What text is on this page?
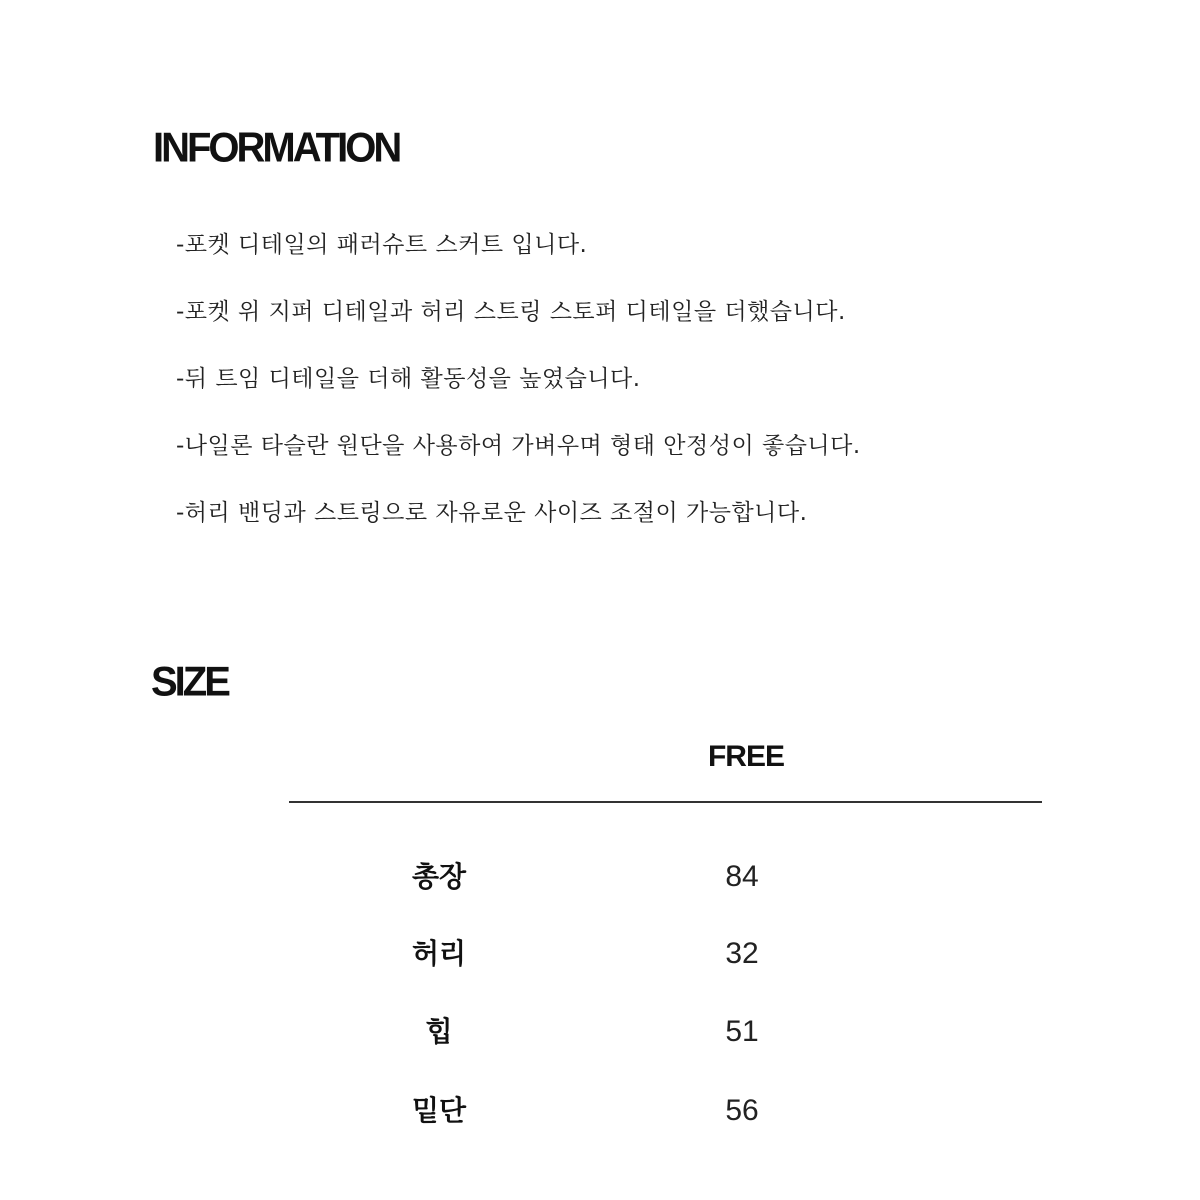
INFORMATION
-포켓 디테일의 패러슈트 스커트 입니다.
-포켓 위 지퍼 디테일과 허리 스트링 스토퍼 디테일을 더했습니다.
-뒤 트임 디테일을 더해 활동성을 높였습니다.
-나일론 타슬란 원단을 사용하여 가벼우며 형태 안정성이 좋습니다.
-허리 밴딩과 스트링으로 자유로운 사이즈 조절이 가능합니다.
SIZE
FREE
총장	84
허리	32
힙	51
밑단	56
